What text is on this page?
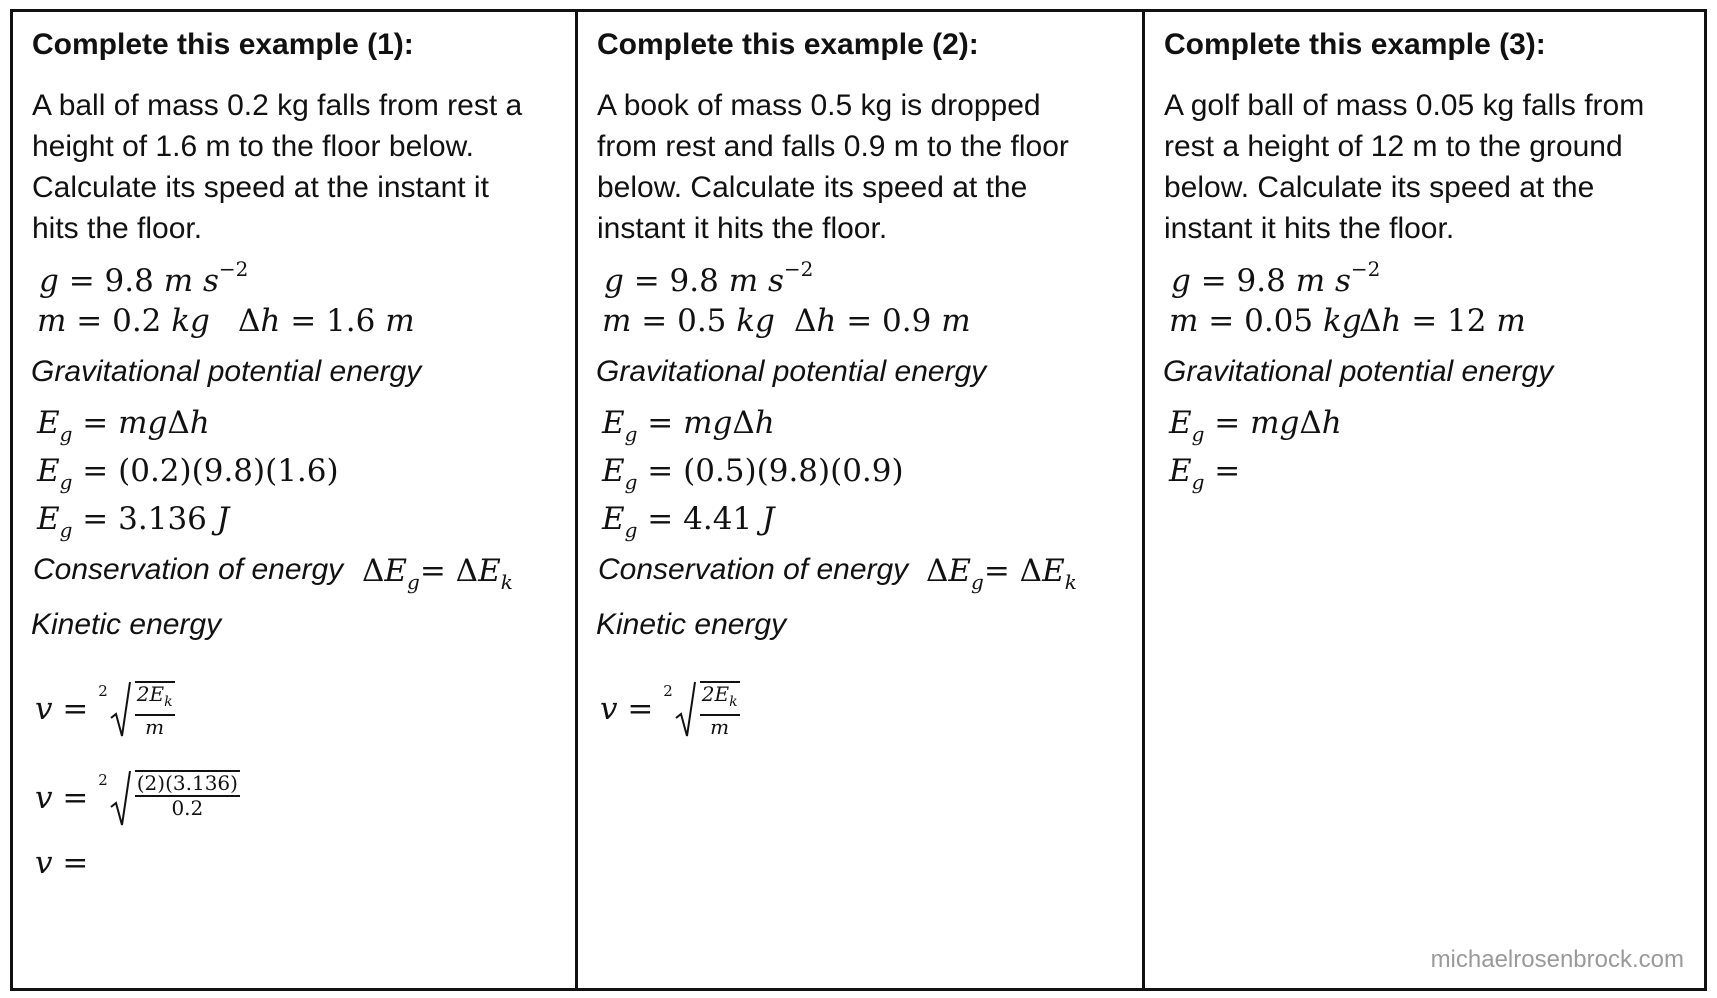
Complete this example (1):
A ball of mass 0.2 kg falls from rest a
height of 1.6 m to the floor below.
Calculate its speed at the instant it
hits the floor.
g = 9.8 m $s^{-2}$
m = 0.2 kg Δh = 1.6 m
Gravitational potential energy
$E_g = mg\Delta h$
$E_g = (0.2)(9.8)(1.6)$
$E_g = 3.136$ J
Conservation of energy $\Delta E_g= \Delta E_k$
Kinetic energy
$v = 2 \frac{2E_k}{m}$
$v = 2 \frac{(2)(3.136)}{0.2}$
v =
Complete this example (2):
A book of mass 0.5 kg is dropped
from rest and falls 0.9 m to the floor
below. Calculate its speed at the
instant it hits the floor.
g = 9.8 m $s^{-2}$
m = 0.5 kg Δh = 0.9 m
Gravitational potential energy
$E_g = mg\Delta h$
$E_g = (0.5)(9.8)(0.9)$
$E_g = 4.41$ J
Conservation of energy $\Delta E_g= \Delta E_k$
Kinetic energy
$v = 2 \frac{2E_k}{m}$
Complete this example (3):
A golf ball of mass 0.05 kg falls from
rest a height of 12 m to the ground
below. Calculate its speed at the
instant it hits the floor.
g = 9.8 m $s^{-2}$
m = 0.05 kg
Δh = 12 m
Gravitational potential energy
$E_g = mg\Delta h$
$E_g$ =
michaelrosenbrock.com
